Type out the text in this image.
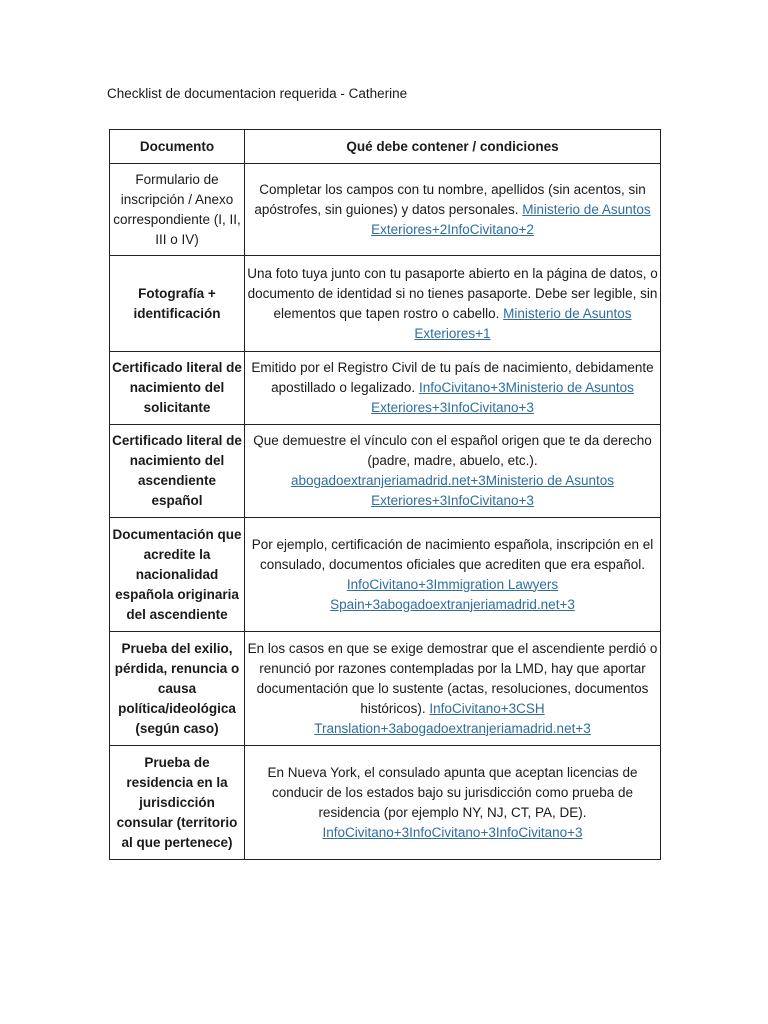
Checklist de documentacion requerida - Catherine
Documento	Qué debe contener / condiciones
Formulario de inscripción / Anexo correspondiente (I, II, III o IV)	Completar los campos con tu nombre, apellidos (sin acentos, sin apóstrofes, sin guiones) y datos personales. Ministerio de Asuntos Exteriores+2InfoCivitano+2
Fotografía + identificación	Una foto tuya junto con tu pasaporte abierto en la página de datos, o documento de identidad si no tienes pasaporte. Debe ser legible, sin elementos que tapen rostro o cabello. Ministerio de Asuntos Exteriores+1
Certificado literal de nacimiento del solicitante	Emitido por el Registro Civil de tu país de nacimiento, debidamente apostillado o legalizado. InfoCivitano+3Ministerio de Asuntos Exteriores+3InfoCivitano+3
Certificado literal de nacimiento del ascendiente español	Que demuestre el vínculo con el español origen que te da derecho (padre, madre, abuelo, etc.). abogadoextranjeriamadrid.net+3Ministerio de Asuntos Exteriores+3InfoCivitano+3
Documentación que acredite la nacionalidad española originaria del ascendiente	Por ejemplo, certificación de nacimiento española, inscripción en el consulado, documentos oficiales que acrediten que era español. InfoCivitano+3Immigration Lawyers Spain+3abogadoextranjeriamadrid.net+3
Prueba del exilio, pérdida, renuncia o causa política/ideológica (según caso)	En los casos en que se exige demostrar que el ascendiente perdió o renunció por razones contempladas por la LMD, hay que aportar documentación que lo sustente (actas, resoluciones, documentos históricos). InfoCivitano+3CSH Translation+3abogadoextranjeriamadrid.net+3
Prueba de residencia en la jurisdicción consular (territorio al que pertenece)	En Nueva York, el consulado apunta que aceptan licencias de conducir de los estados bajo su jurisdicción como prueba de residencia (por ejemplo NY, NJ, CT, PA, DE). InfoCivitano+3InfoCivitano+3InfoCivitano+3
